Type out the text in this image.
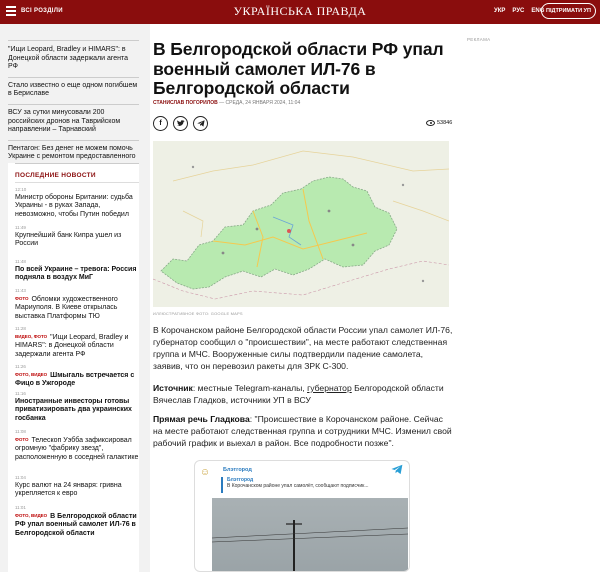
ВСІ РОЗДІЛИ	УКРАЇНСЬКА ПРАВДА	УКР РУС ENG ПІДТРИМАТИ УП
РЕКЛАМА
"Ищи Leopard, Bradley и HIMARS": в Донецкой области задержали агента РФ
Стало известно о еще одном погибшем в Бериславе
ВСУ за сутки минусовали 200 российских дронов на Таврийском направлении – Тарнавский
Пентагон: Без денег не можем помочь Украине с ремонтом предоставленного
ПОСЛЕДНИЕ НОВОСТИ
12:10
Министр обороны Британии: судьба Украины - в руках Запада, невозможно, чтобы Путин победил
11:49
Крупнейший банк Кипра ушел из России
11:48
По всей Украине – тревога: Россия подняла в воздух МиГ
11:43
ФОТО Обломки художественного Мариуполя. В Киеве открылась выставка Платформы ТЮ
11:28
ВИДЕО, ФОТО "Ищи Leopard, Bradley и HIMARS": в Донецкой области задержали агента РФ
11:26
ФОТО, ВИДЕО Шмыгаль встречается с Фицо в Ужгороде
11:16
Иностранные инвесторы готовы приватизировать два украинских госбанка
11:08
ФОТО Телескоп Уэбба зафиксировал огромную "фабрику звезд", расположенную в соседней галактике
11:04
Курс валют на 24 января: гривна укрепляется к евро
11:01
ФОТО, ВИДЕО В Белгородской области РФ упал военный самолет ИЛ-76 в Белгородской области
В Белгородской области РФ упал военный самолет ИЛ-76 в Белгородской области
СТАНИСЛАВ ПОГОРИЛОВ — СРЕДА, 24 ЯНВАРЯ 2024, 11:04
f	53846
ИЛЛЮСТРАТИВНОЕ ФОТО: GOOGLE MAPS

В Корочанском районе Белгородской области России упал самолет ИЛ-76, губернатор сообщил о "происшествии", на месте работают следственная группа и МЧС. Вооруженные силы подтвердили падение самолета, заявив, что он перевозил ракеты для ЗРК С-300.

Источник: местные Telegram-каналы, губернатор Белгородской области Вячеслав Гладков, источники УП в ВСУ

Прямая речь Гладкова: "Происшествие в Корочанском районе. Сейчас на месте работают следственная группа и сотрудники МЧС. Изменил свой рабочий график и выехал в район. Все подробности позже".

☺ Блэтгород
Блэтгород
В Корочанском районе упал самолёт, сообщают подписчик...
